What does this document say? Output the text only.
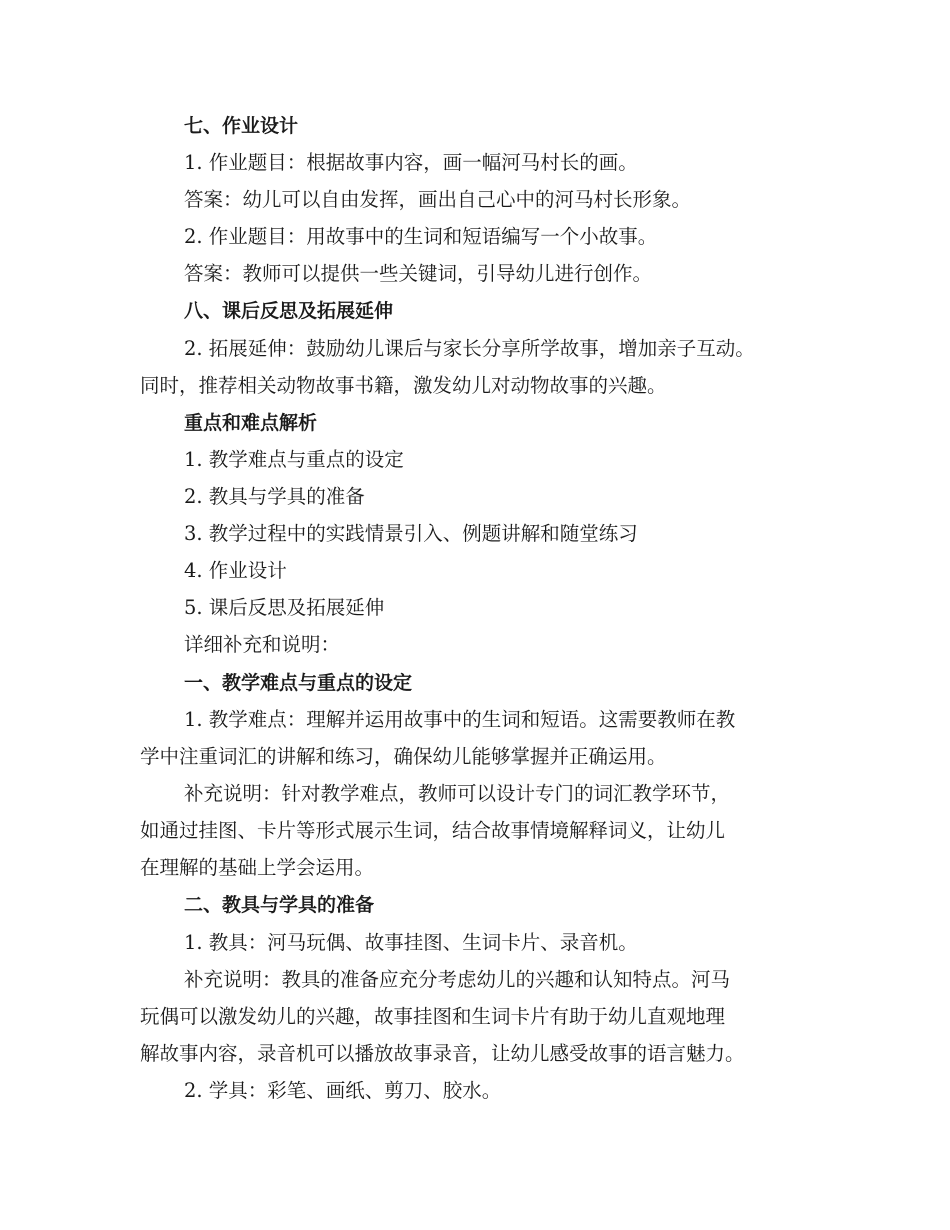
七、作业设计
1. 作业题目：根据故事内容，画一幅河马村长的画。
答案：幼儿可以自由发挥，画出自己心中的河马村长形象。
2. 作业题目：用故事中的生词和短语编写一个小故事。
答案：教师可以提供一些关键词，引导幼儿进行创作。
八、课后反思及拓展延伸
2. 拓展延伸：鼓励幼儿课后与家长分享所学故事，增加亲子互动。
同时，推荐相关动物故事书籍，激发幼儿对动物故事的兴趣。
重点和难点解析
1. 教学难点与重点的设定
2. 教具与学具的准备
3. 教学过程中的实践情景引入、例题讲解和随堂练习
4. 作业设计
5. 课后反思及拓展延伸
详细补充和说明：
一、教学难点与重点的设定
1. 教学难点：理解并运用故事中的生词和短语。这需要教师在教
学中注重词汇的讲解和练习，确保幼儿能够掌握并正确运用。
补充说明：针对教学难点，教师可以设计专门的词汇教学环节，
如通过挂图、卡片等形式展示生词，结合故事情境解释词义，让幼儿
在理解的基础上学会运用。
二、教具与学具的准备
1. 教具：河马玩偶、故事挂图、生词卡片、录音机。
补充说明：教具的准备应充分考虑幼儿的兴趣和认知特点。河马
玩偶可以激发幼儿的兴趣，故事挂图和生词卡片有助于幼儿直观地理
解故事内容，录音机可以播放故事录音，让幼儿感受故事的语言魅力。
2. 学具：彩笔、画纸、剪刀、胶水。
